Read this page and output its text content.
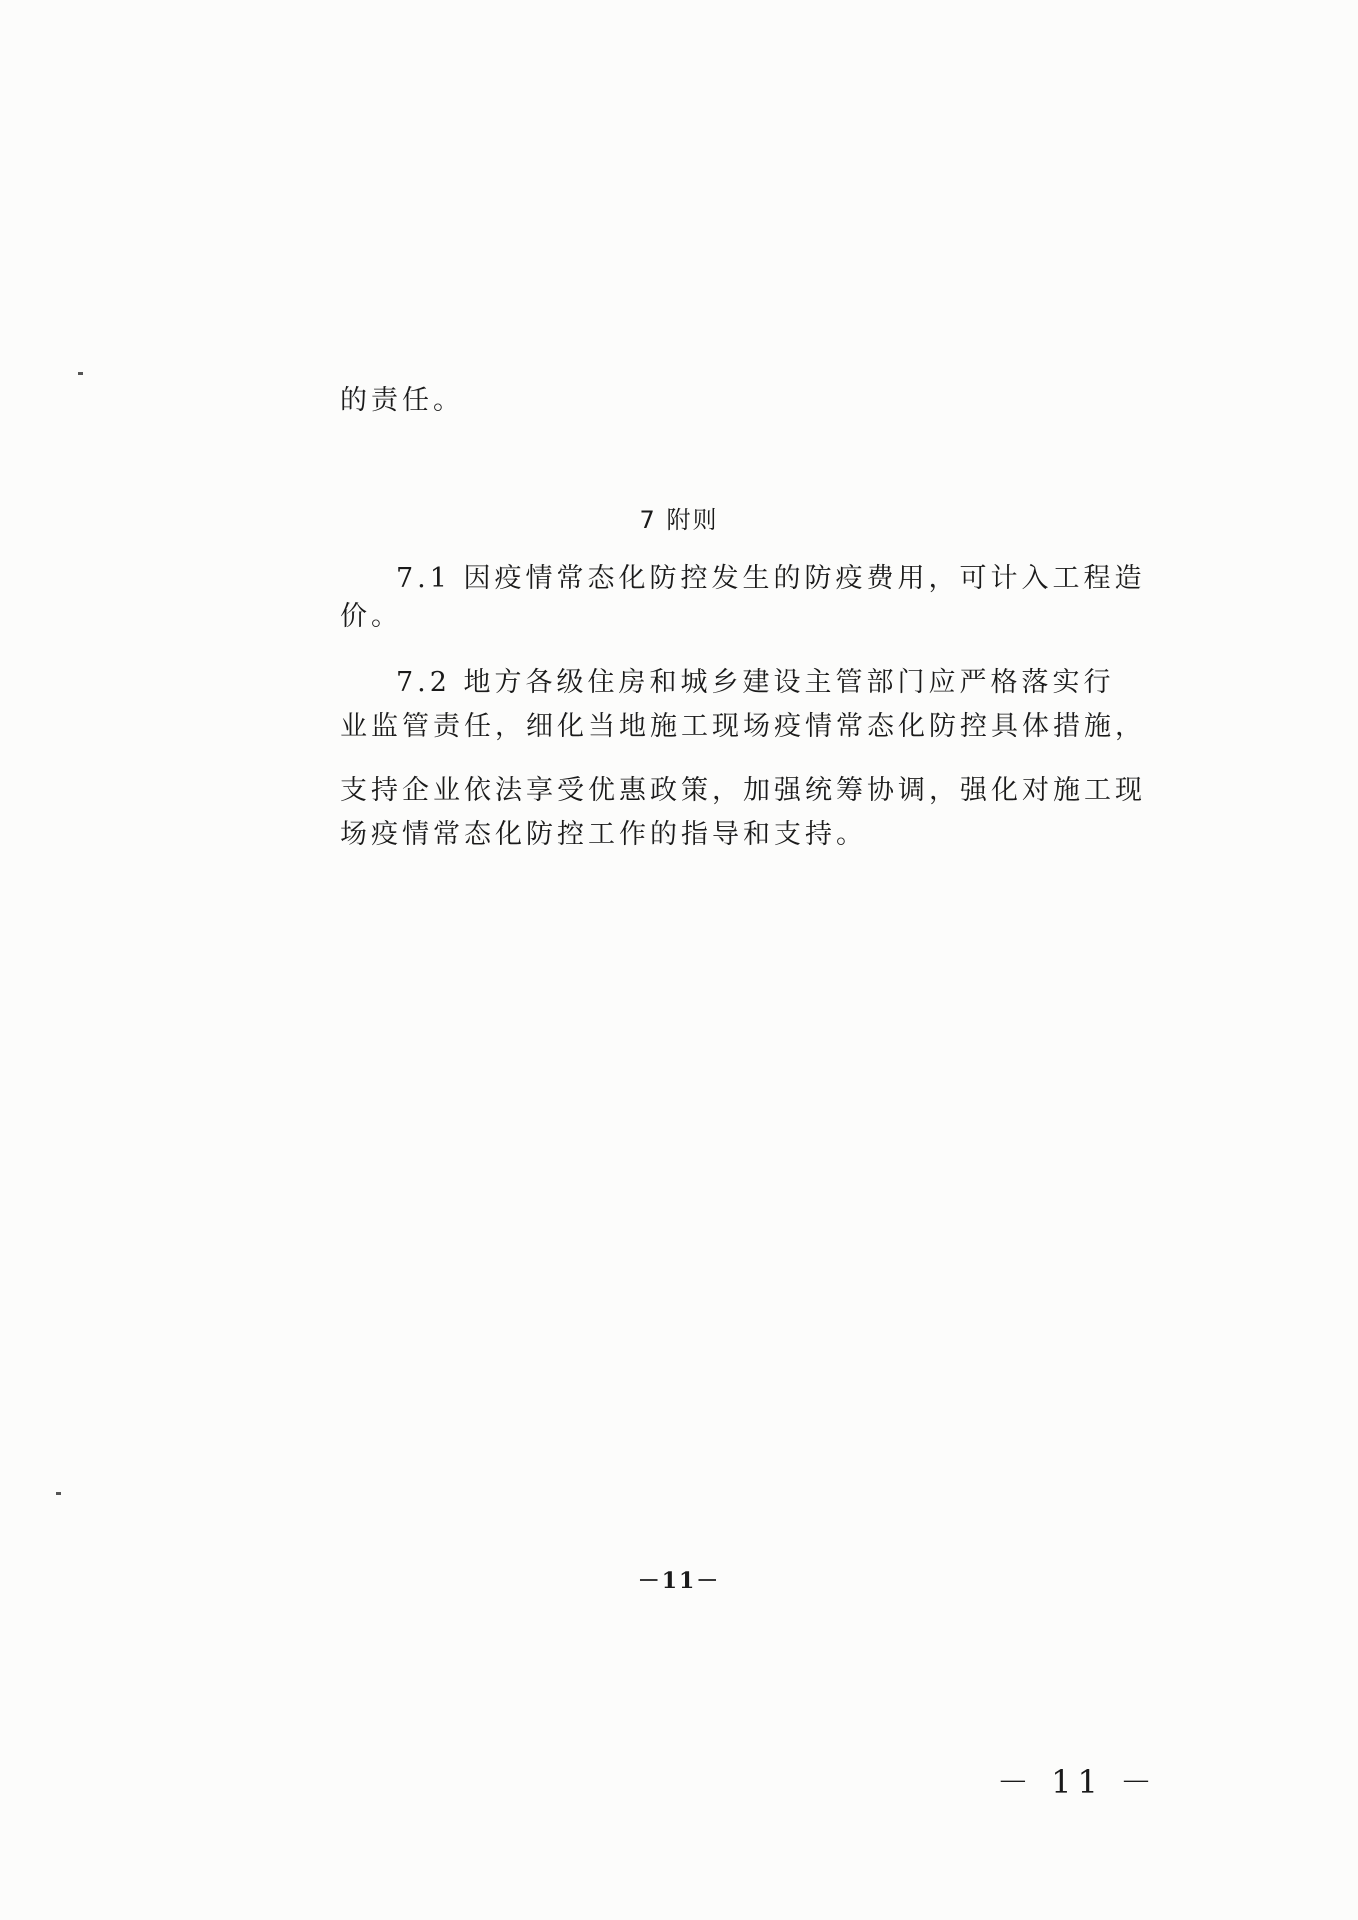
的责任。
7 附则
7.1 因疫情常态化防控发生的防疫费用，可计入工程造
价。
7.2 地方各级住房和城乡建设主管部门应严格落实行
业监管责任，细化当地施工现场疫情常态化防控具体措施，
支持企业依法享受优惠政策，加强统筹协调，强化对施工现
场疫情常态化防控工作的指导和支持。
－11－
－ 11 －
